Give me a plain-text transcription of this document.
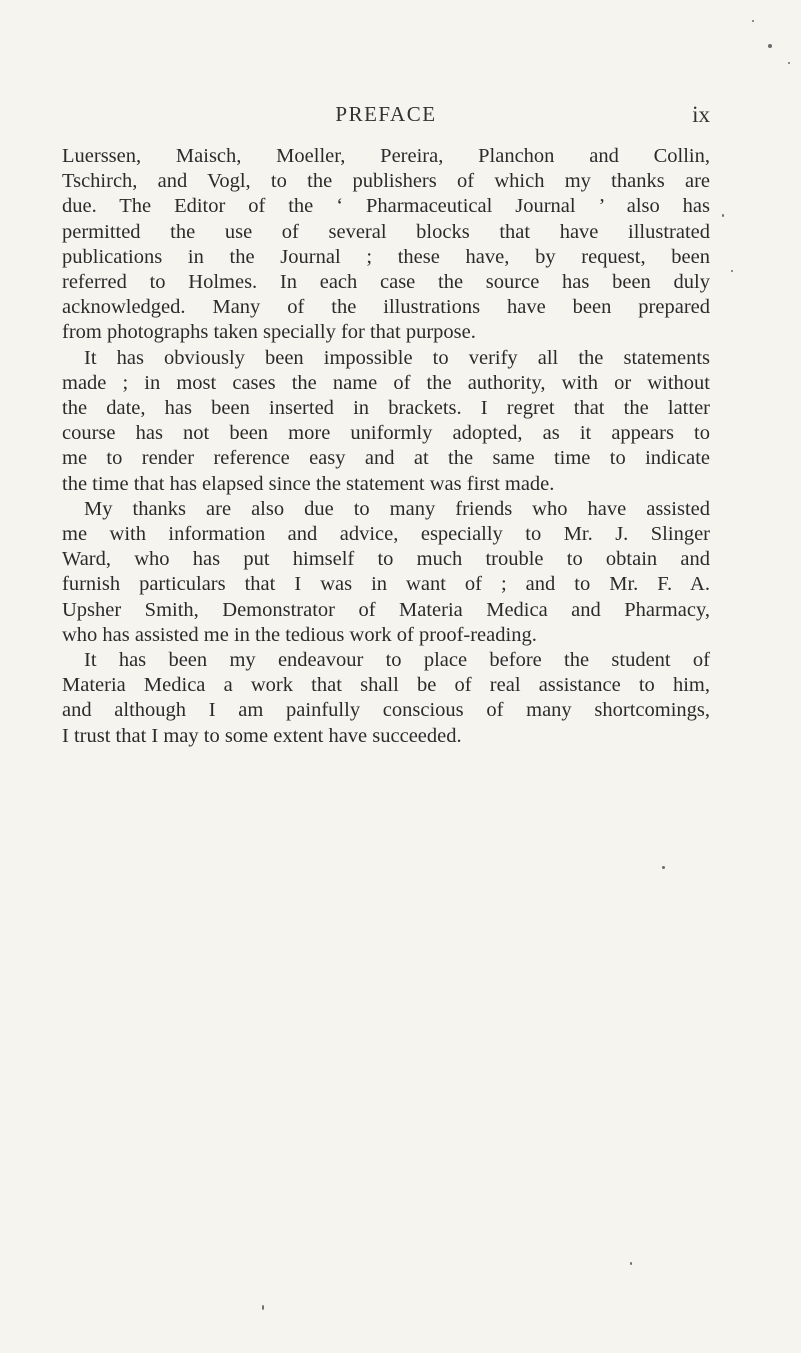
PREFACE	ix
Luerssen, Maisch, Moeller, Pereira, Planchon and Collin,
Tschirch, and Vogl, to the publishers of which my thanks are
due. The Editor of the ‘ Pharmaceutical Journal ’ also has
permitted the use of several blocks that have illustrated
publications in the Journal ; these have, by request, been
referred to Holmes. In each case the source has been duly
acknowledged. Many of the illustrations have been prepared
from photographs taken specially for that purpose.
It has obviously been impossible to verify all the statements
made ; in most cases the name of the authority, with or without
the date, has been inserted in brackets. I regret that the latter
course has not been more uniformly adopted, as it appears to
me to render reference easy and at the same time to indicate
the time that has elapsed since the statement was first made.
My thanks are also due to many friends who have assisted
me with information and advice, especially to Mr. J. Slinger
Ward, who has put himself to much trouble to obtain and
furnish particulars that I was in want of ; and to Mr. F. A.
Upsher Smith, Demonstrator of Materia Medica and Pharmacy,
who has assisted me in the tedious work of proof-reading.
It has been my endeavour to place before the student of
Materia Medica a work that shall be of real assistance to him,
and although I am painfully conscious of many shortcomings,
I trust that I may to some extent have succeeded.
